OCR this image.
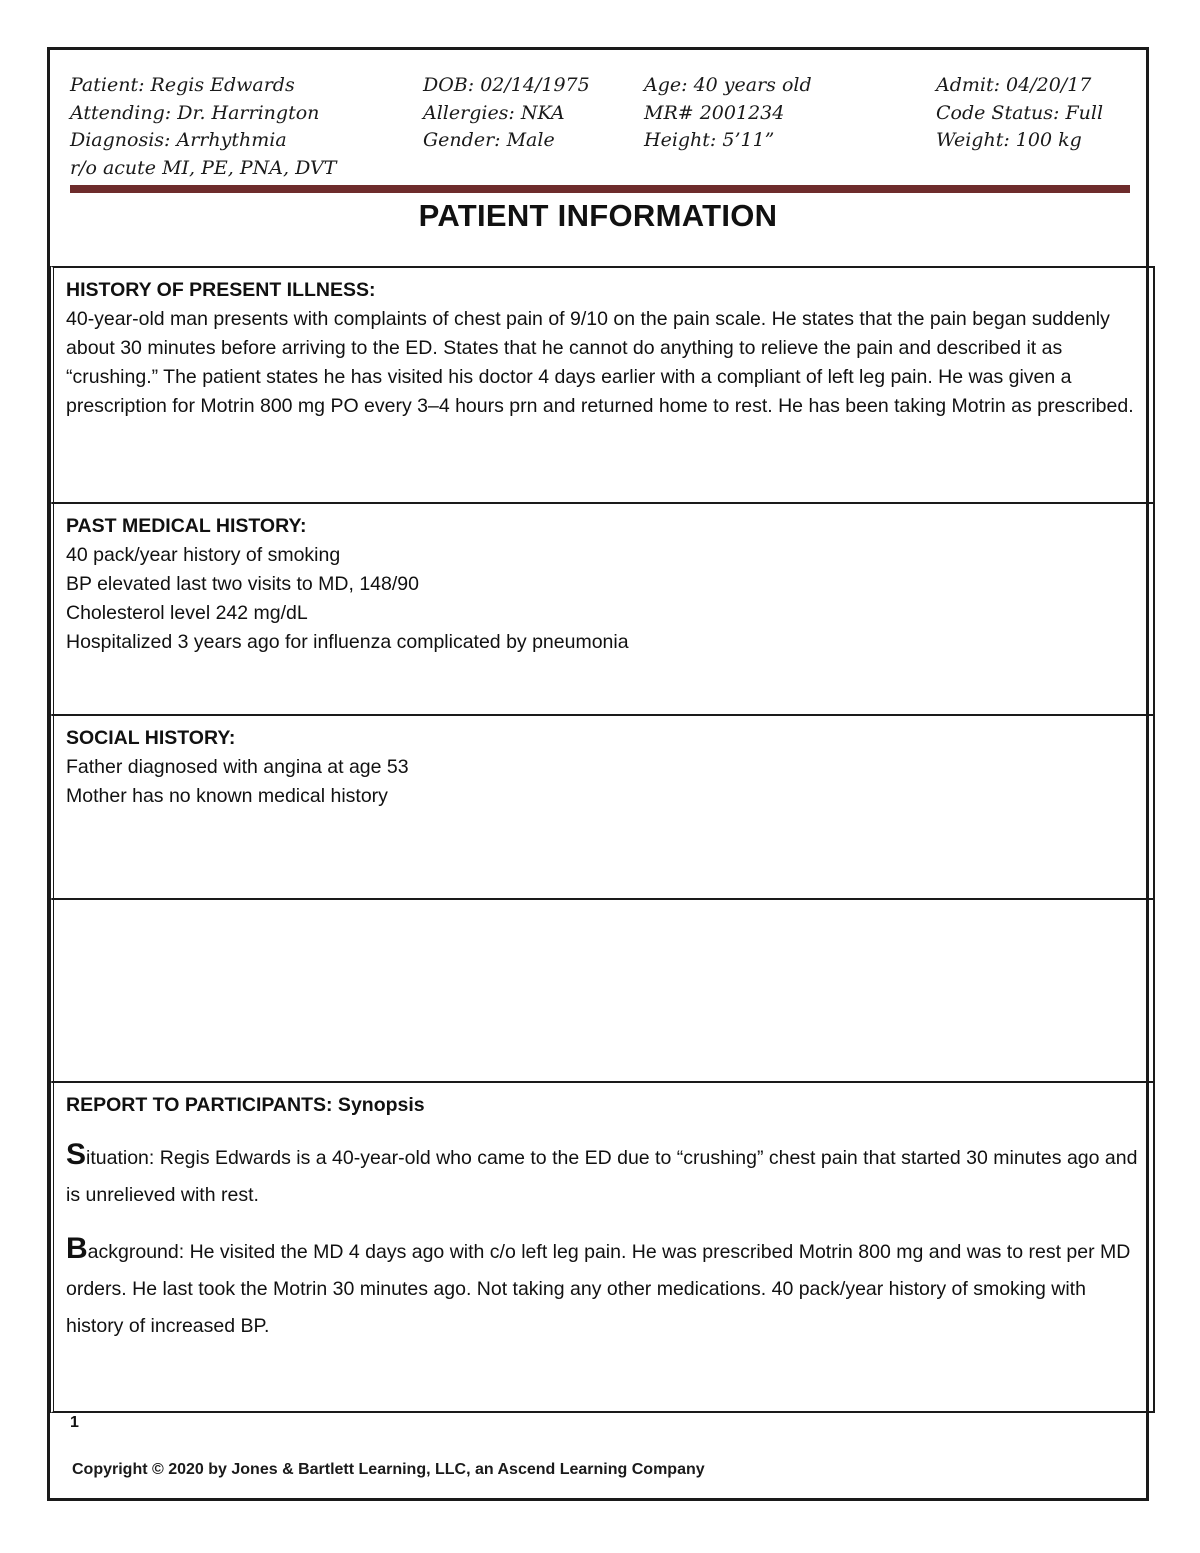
Patient: Regis Edwards
Attending: Dr. Harrington
Diagnosis: Arrhythmia
r/o acute MI, PE, PNA, DVT
DOB: 02/14/1975
Allergies: NKA
Gender: Male
Age: 40 years old
MR# 2001234
Height: 5’11”
Admit: 04/20/17
Code Status: Full
Weight: 100 kg
PATIENT INFORMATION
HISTORY OF PRESENT ILLNESS:
40-year-old man presents with complaints of chest pain of 9/10 on the pain scale. He states that the pain began suddenly about 30 minutes before arriving to the ED. States that he cannot do anything to relieve the pain and described it as “crushing.” The patient states he has visited his doctor 4 days earlier with a compliant of left leg pain. He was given a prescription for Motrin 800 mg PO every 3–4 hours prn and returned home to rest. He has been taking Motrin as prescribed.
PAST MEDICAL HISTORY:
40 pack/year history of smoking
BP elevated last two visits to MD, 148/90
Cholesterol level 242 mg/dL
Hospitalized 3 years ago for influenza complicated by pneumonia
SOCIAL HISTORY:
Father diagnosed with angina at age 53
Mother has no known medical history
REPORT TO PARTICIPANTS: Synopsis
Situation: Regis Edwards is a 40-year-old who came to the ED due to “crushing” chest pain that started 30 minutes ago and is unrelieved with rest.
Background: He visited the MD 4 days ago with c/o left leg pain. He was prescribed Motrin 800 mg and was to rest per MD orders. He last took the Motrin 30 minutes ago. Not taking any other medications. 40 pack/year history of smoking with history of increased BP.
1
Copyright © 2020 by Jones & Bartlett Learning, LLC, an Ascend Learning Company
